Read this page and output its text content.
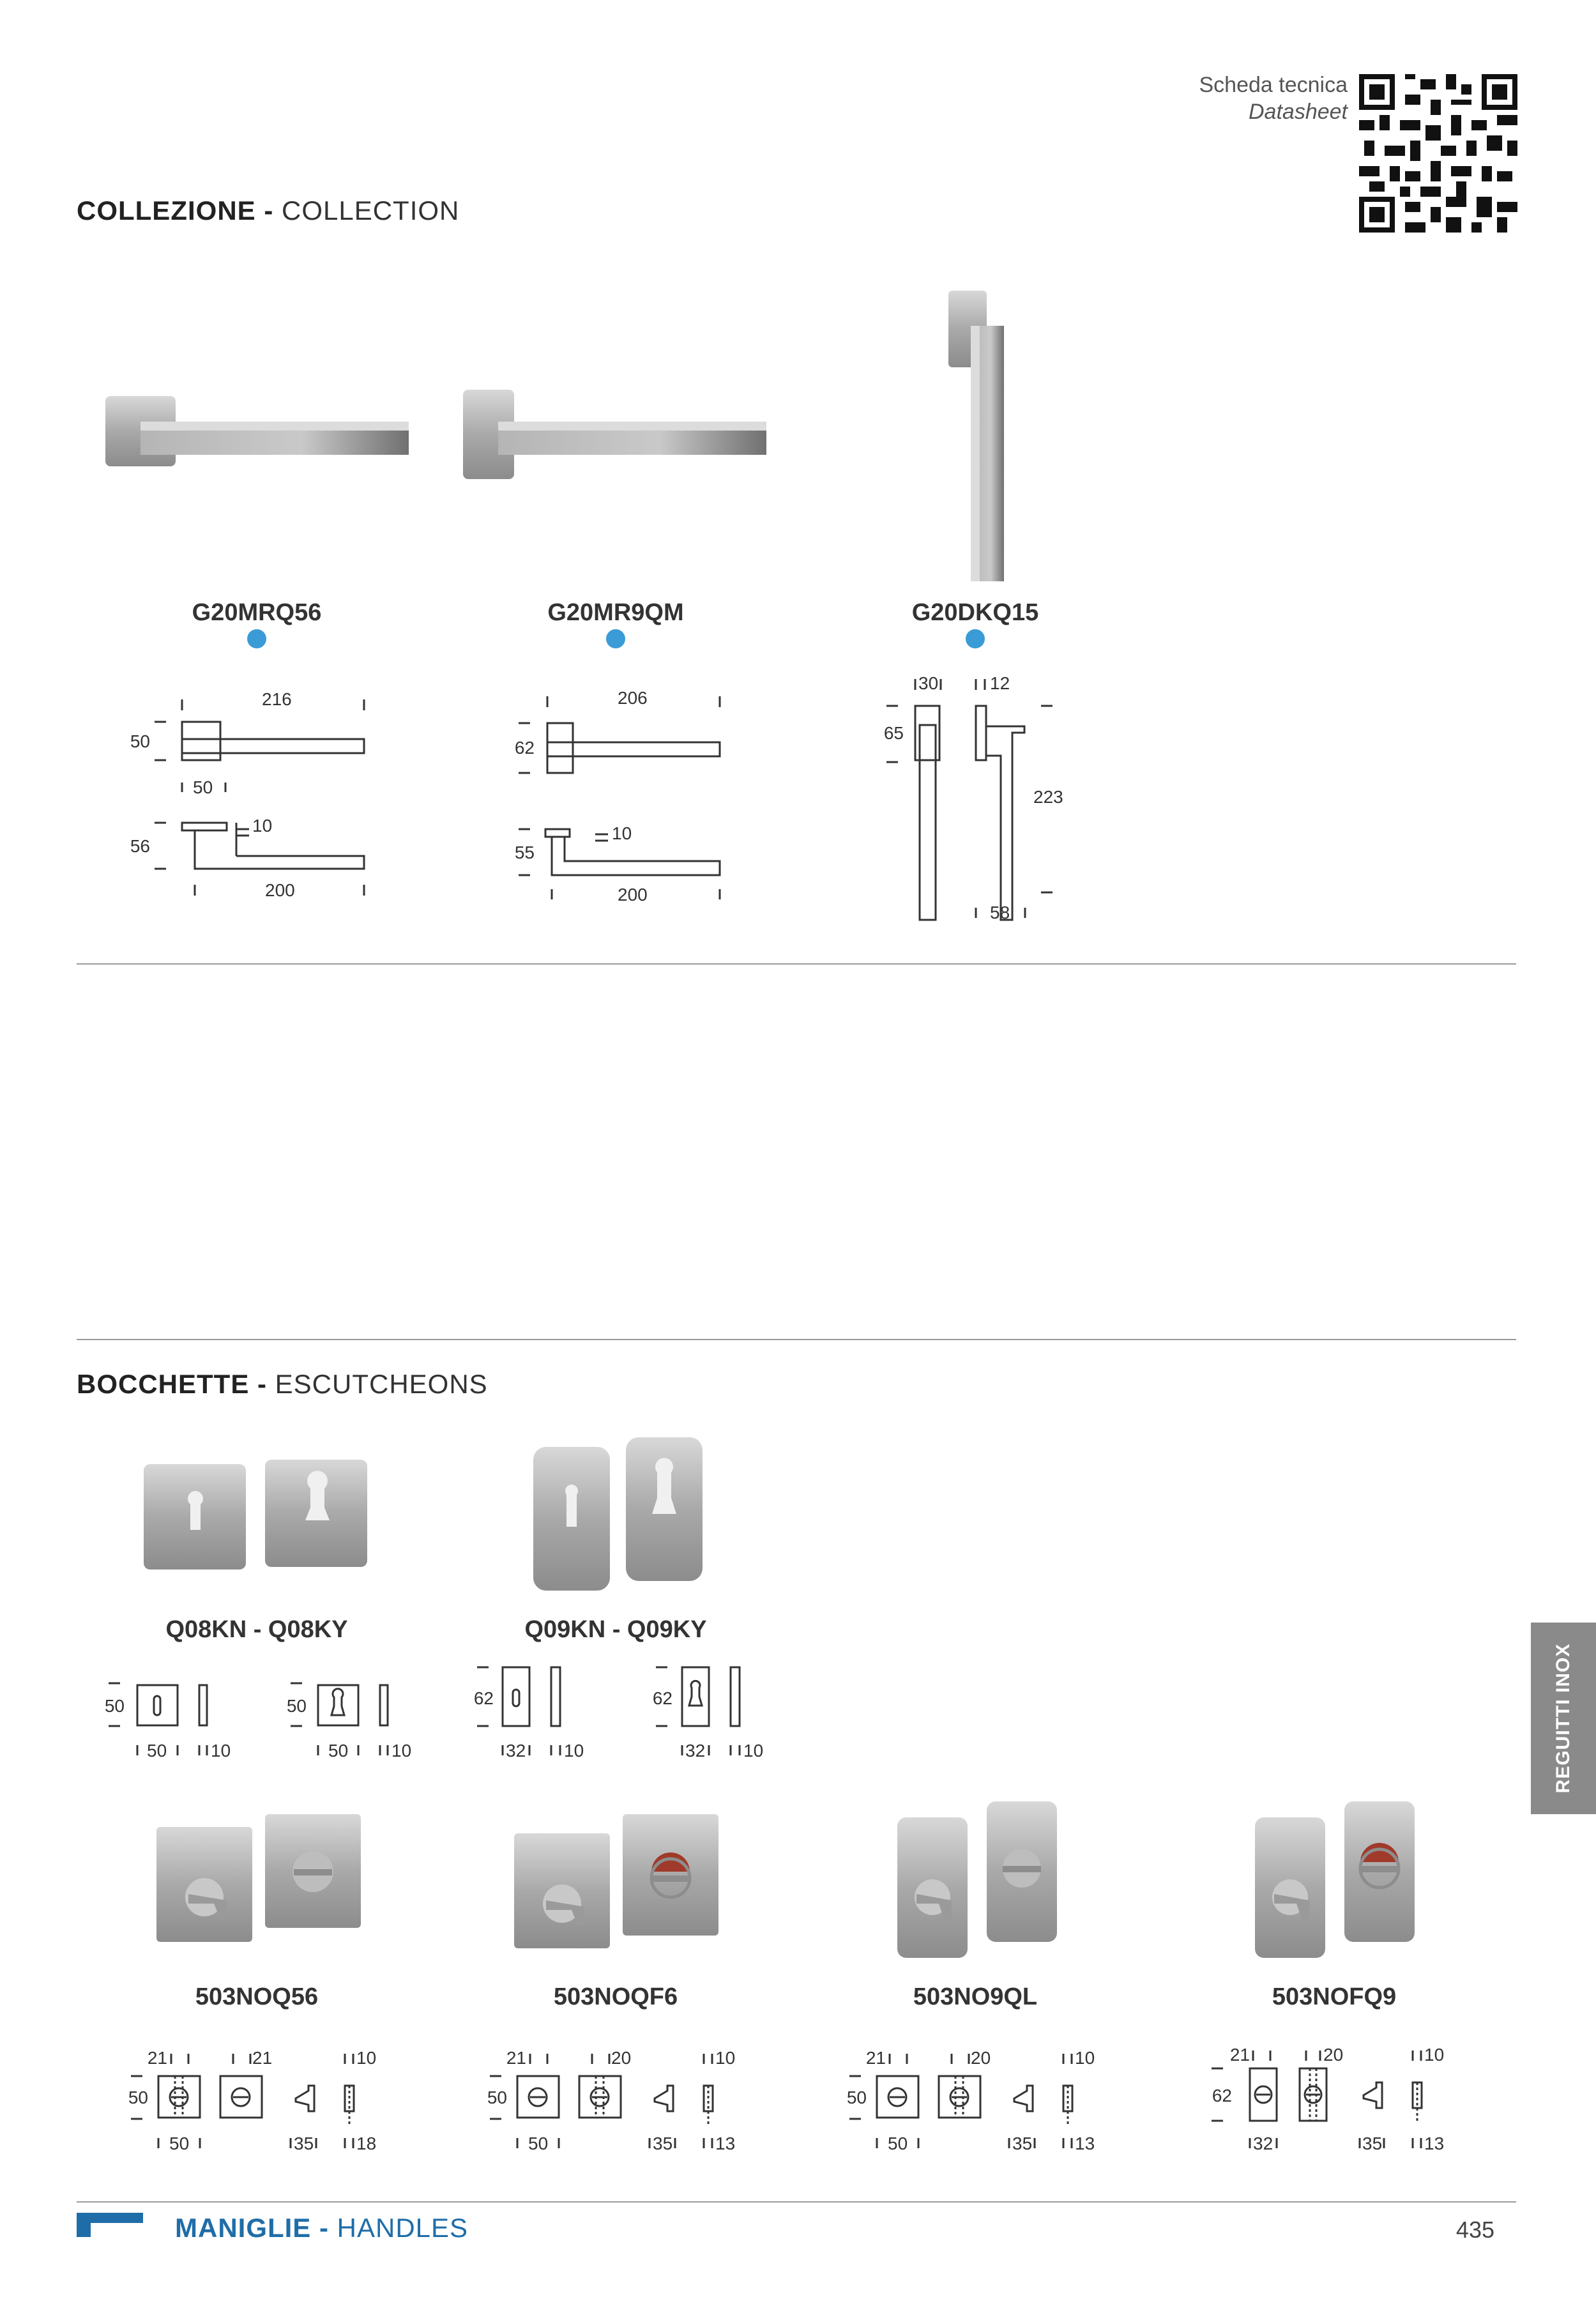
Scheda tecnica
Datasheet
COLLEZIONE - COLLECTION
G20MRQ56	G20MR9QM	G20DKQ15
216
50
50
10
56
200
206
62
10
55
200
30	12
65
223
58
BOCCHETTE - ESCUTCHEONS
Q08KN - Q08KY	Q09KN - Q09KY
50
50 10
50
50 10
62
32 10
62
32 10
503NOQ56	503NOQF6	503NO9QL	503NOFQ9
21	21	10
50
50	35 18
21	20	10
50
50	35 13
21	20	10
50
50	35 13
21	20	10
62
32	35 13
REGUITTI INOX
MANIGLIE - HANDLES	435
